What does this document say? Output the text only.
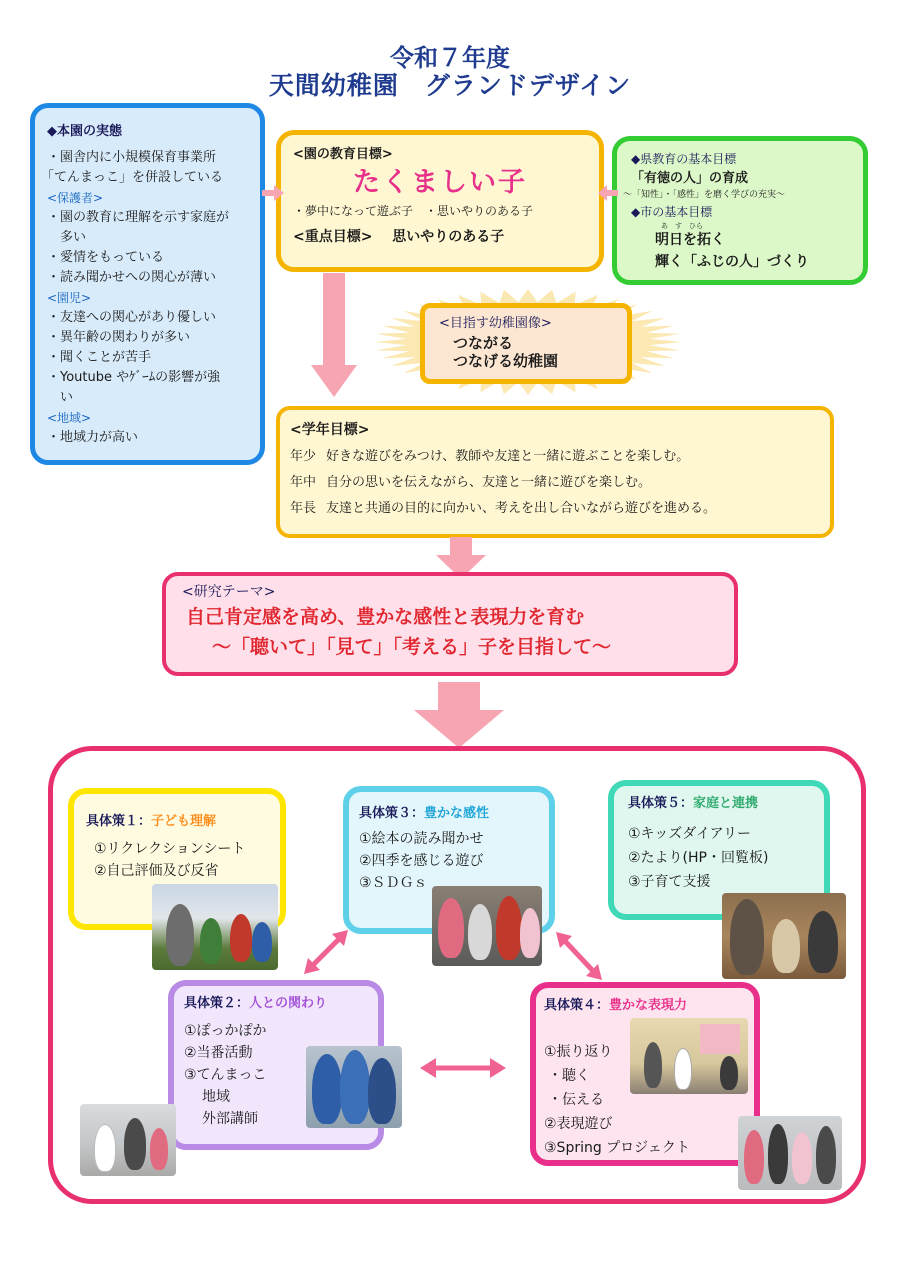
令和７年度
天間幼稚園　グランドデザイン
◆本園の実態
・園舎内に小規模保育事業所
「てんまっこ」を併設している
<保護者>
・園の教育に理解を示す家庭が
　多い
・愛情をもっている
・読み聞かせへの関心が薄い
<園児>
・友達への関心があり優しい
・異年齢の関わりが多い
・聞くことが苦手
・Youtube やｹﾞｰﾑの影響が強
　い
<地域>
・地域力が高い
<園の教育目標>
たくましい子
・夢中になって遊ぶ子　・思いやりのある子
<重点目標> 思いやりのある子
◆県教育の基本目標
「有徳の人」の育成
～「知性」・「感性」を磨く学びの充実～
◆市の基本目標
あ　す　ひら
明日を拓く
輝く「ふじの人」づくり
<目指す幼稚園像>
つながる
つなげる幼稚園
<学年目標>
年少 好きな遊びをみつけ、教師や友達と一緒に遊ぶことを楽しむ。
年中 自分の思いを伝えながら、友達と一緒に遊びを楽しむ。
年長 友達と共通の目的に向かい、考えを出し合いながら遊びを進める。
<研究テーマ>
自己肯定感を高め、豊かな感性と表現力を育む
～「聴いて」「見て」「考える」子を目指して～
具体策１：子ども理解
①リクレクションシート
②自己評価及び反省
具体策３：豊かな感性
①絵本の読み聞かせ
②四季を感じる遊び
③ＳＤＧｓ
具体策５：家庭と連携
①キッズダイアリー
②たより(HP・回覧板)
③子育て支援
具体策２：人との関わり
①ぽっかぽか
②当番活動
③てんまっこ
　地域
　外部講師
具体策４：豊かな表現力
①振り返り
・聴く
・伝える
②表現遊び
③Spring プロジェクト
